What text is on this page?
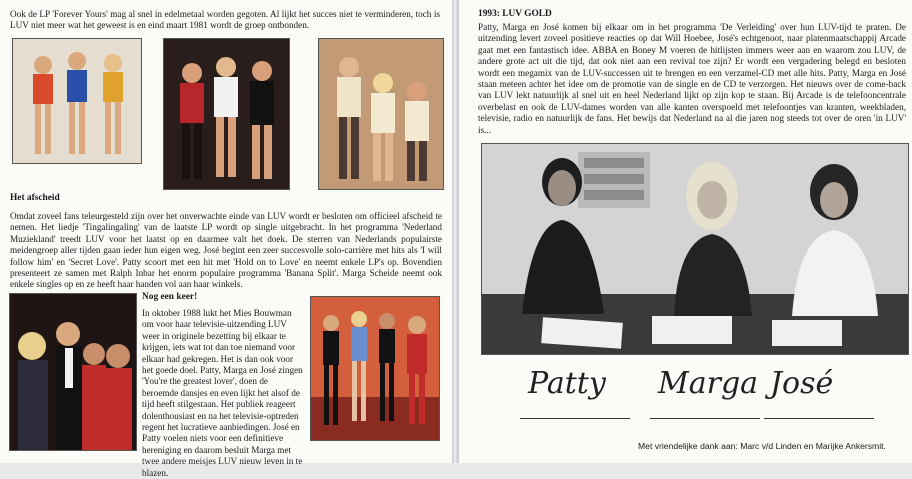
Ook de LP 'Forever Yours' mag al snel in edelmetaal worden gegoten. Al lijkt het succes niet te verminderen, toch is LUV niet meer wat het geweest is en eind maart 1981 wordt de groep ontbonden.

Het afscheid

Omdat zoveel fans teleurgesteld zijn over het onverwachte einde van LUV wordt er besloten om officieel afscheid te nemen. Het liedje 'Tingalingaling' van de laatste LP wordt op single uitgebracht. In het programma 'Nederland Muziekland' treedt LUV voor het laatst op en daarmee valt het doek. De sterren van Nederlands populairste meidengroep aller tijden gaan ieder hun eigen weg. José begint een zeer succesvolle solo-carrière met hits als 'I will follow him' en 'Secret Love'. Patty scoort met een hit met 'Hold on to Love' en neemt enkele LP's op. Bovendien presenteert ze samen met Ralph Inbar het enorm populaire programma 'Banana Split'. Marga Scheide neemt ook enkele singles op en ze heeft haar handen vol aan haar winkels.

Nog een keer!

In oktober 1988 lukt het Mies Bouwman om voor haar televisie-uitzending LUV weer in originele bezetting bij elkaar te krijgen, iets wat tot dan toe niemand voor elkaar had gekregen. Het is dan ook voor het goede doel. Patty, Marga en José zingen 'You're the greatest lover', doen de beroemde dansjes en even lijkt het alsof de tijd heeft stilgestaan. Het publiek reageert dolenthousiast en na het televisie-optreden regent het lucratieve aanbiedingen. José en Patty voelen niets voor een definitieve hereniging en daarom besluit Marga met twee andere meisjes LUV nieuw leven in te blazen.

1993: LUV GOLD

Patty, Marga en José komen bij elkaar om in het programma 'De Verleiding' over hun LUV-tijd te praten. De uitzending levert zoveel positieve reacties op dat Will Hoebee, José's echtgenoot, naar platenmaatschappij Arcade gaat met een fantastisch idee. ABBA en Boney M voeren de hitlijsten immers weer aan en waarom zou LUV, de andere grote act uit die tijd, dat ook niet aan een revival toe zijn? Er wordt een vergadering belegd en besloten wordt een megamix van de LUV-successen uit te brengen en een verzamel-CD met alle hits. Patty, Marga en José staan meteen achter het idee om de promotie van de single en de CD te verzorgen. Het nieuws over de come-back van LUV lekt natuurlijk al snel uit en heel Nederland lijkt op zijn kop te staan. Bij Arcade is de telefooncentrale overbelast en ook de LUV-dames worden van alle kanten overspoeld met telefoontjes van kranten, weekbladen, televisie, radio en natuurlijk de fans. Het bewijs dat Nederland na al die jaren nog steeds tot over de oren 'in LUV' is...

Patty Marga José

Met vriendelijke dank aan: Marc v/d Linden en Marijke Ankersmit.
